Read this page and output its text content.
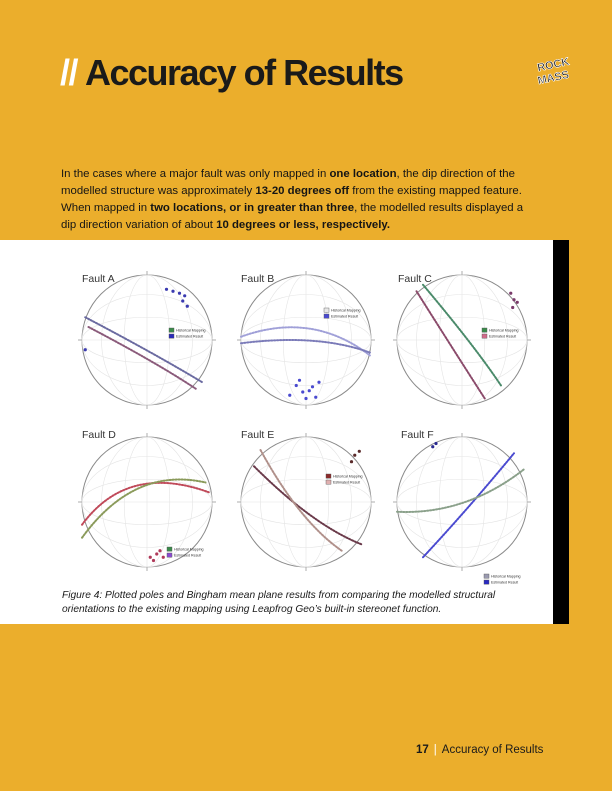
// Accuracy of Results	ROCK
MASS
In the cases where a major fault was only mapped in one location, the dip direction of the modelled structure was approximately 13-20 degrees off from the existing mapped feature. When mapped in two locations, or in greater than three, the modelled results displayed a dip direction variation of about 10 degrees or less, respectively.
Fault A
Historical Mapping
Estimated Result
Fault B
Historical Mapping
Estimated Result
Fault C
Historical Mapping
Estimated Result
Fault D
Historical Mapping
Estimated Result
Fault E
Historical Mapping
Estimated Result
Fault F
Historical Mapping
Estimated Result
Figure 4: Plotted poles and Bingham mean plane results from comparing the modelled structural orientations to the existing mapping using Leapfrog Geo’s built-in stereonet function.
17 | Accuracy of Results
